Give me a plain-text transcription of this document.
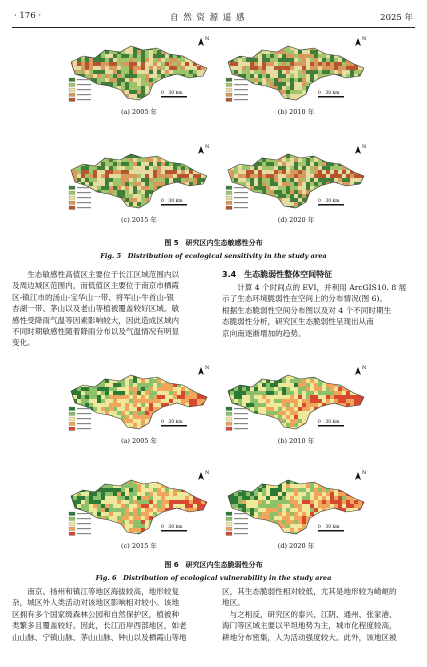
· 176 ·	自 然 资 源 遥 感	2025 年
N
0　30 km
(a) 2005 年
N
0　30 km
(b) 2010 年
N
0　30 km
(c) 2015 年
N
0　30 km
(d) 2020 年
图 5　研究区内生态敏感性分布
Fig. 5　Distribution of ecological sensitivity in the study area
生态敏感性高值区主要位于长江区域范围内以
及周边城区范围内，而低值区主要位于南京市栖霞
区-镇江市的汤山-宝华山一带、将军山-牛首山-银
杏湖一带、茅山以及老山等植被覆盖较好区域。敏
感性受降雨气温等因素影响较大，因此造成区域内
不同时期敏感性随着降雨分布以及气温情况有明显
变化。
3.4　生态脆弱性整体空间特征
计算 4 个时间点的 EVI，并利用 ArcGIS10. 8 展
示了生态环境脆弱性在空间上的分布情况(图 6)。
根据生态脆弱性空间分布图以及对 4 个不同时期生
态脆弱性分析，研究区生态脆弱性呈现出从南
京向南逐渐增加的趋势。
N
0　30 km
(a) 2005 年
N
0　30 km
(b) 2010 年
N
0　30 km
(c) 2015 年
N
0　30 km
(d) 2020 年
图 6　研究区内生态脆弱性分布
Fig. 6　Distribution of ecological vulnerability in the study area
南京、扬州和镇江等地区海拔较高，地形较复
杂，城区外人类活动对该地区影响相对较小。该地
区拥有多个国家级森林公园和自然保护区，植被种
类繁多且覆盖较好。因此，长江沿岸西部地区，如老
山山脉、宁镇山脉、茅山山脉、钟山以及栖霞山等地
区，其生态脆弱性相对较低，尤其是地形较为崎岖的
地区。
　与之相反，研究区的泰兴、江阴、通州、张家港、
海门等区域主要以平坦地势为主，城市化程度较高，
耕地分布密集，人为活动强度较大。此外，该地区被
